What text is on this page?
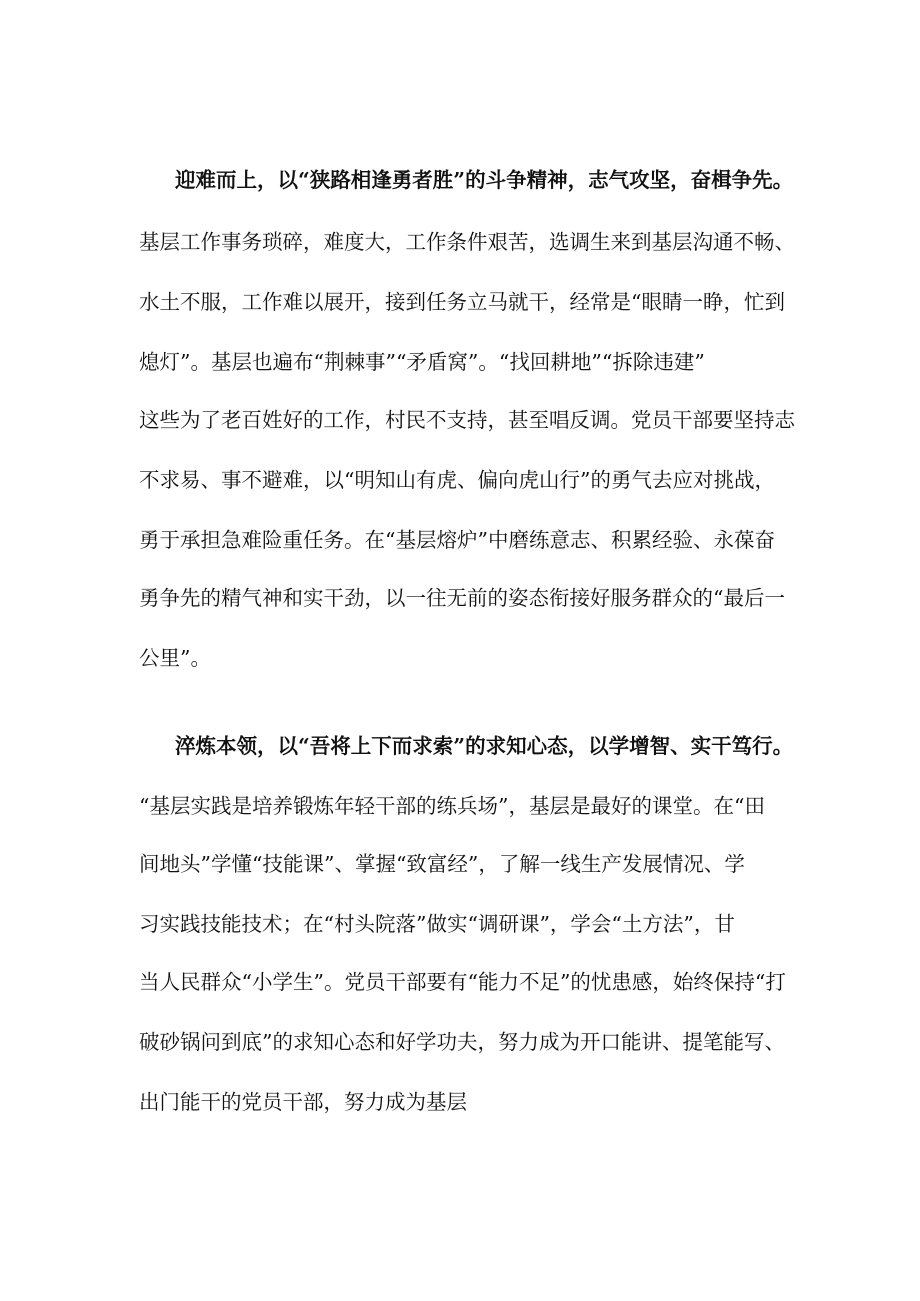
迎难而上，以“狭路相逢勇者胜”的斗争精神，志气攻坚，奋楫争先。
基层工作事务琐碎，难度大，工作条件艰苦，选调生来到基层沟通不畅、
水土不服，工作难以展开，接到任务立马就干，经常是“眼睛一睁，忙到
熄灯”。基层也遍布“荆棘事”“矛盾窝”。“找回耕地”“拆除违建”
这些为了老百姓好的工作，村民不支持，甚至唱反调。党员干部要坚持志
不求易、事不避难，以“明知山有虎、偏向虎山行”的勇气去应对挑战，
勇于承担急难险重任务。在“基层熔炉”中磨练意志、积累经验、永葆奋
勇争先的精气神和实干劲，以一往无前的姿态衔接好服务群众的“最后一
公里”。
淬炼本领，以“吾将上下而求索”的求知心态，以学增智、实干笃行。
“基层实践是培养锻炼年轻干部的练兵场”，基层是最好的课堂。在“田
间地头”学懂“技能课”、掌握“致富经”，了解一线生产发展情况、学
习实践技能技术；在“村头院落”做实“调研课”，学会“土方法”，甘
当人民群众“小学生”。党员干部要有“能力不足”的忧患感，始终保持“打
破砂锅问到底”的求知心态和好学功夫，努力成为开口能讲、提笔能写、
出门能干的党员干部，努力成为基层
